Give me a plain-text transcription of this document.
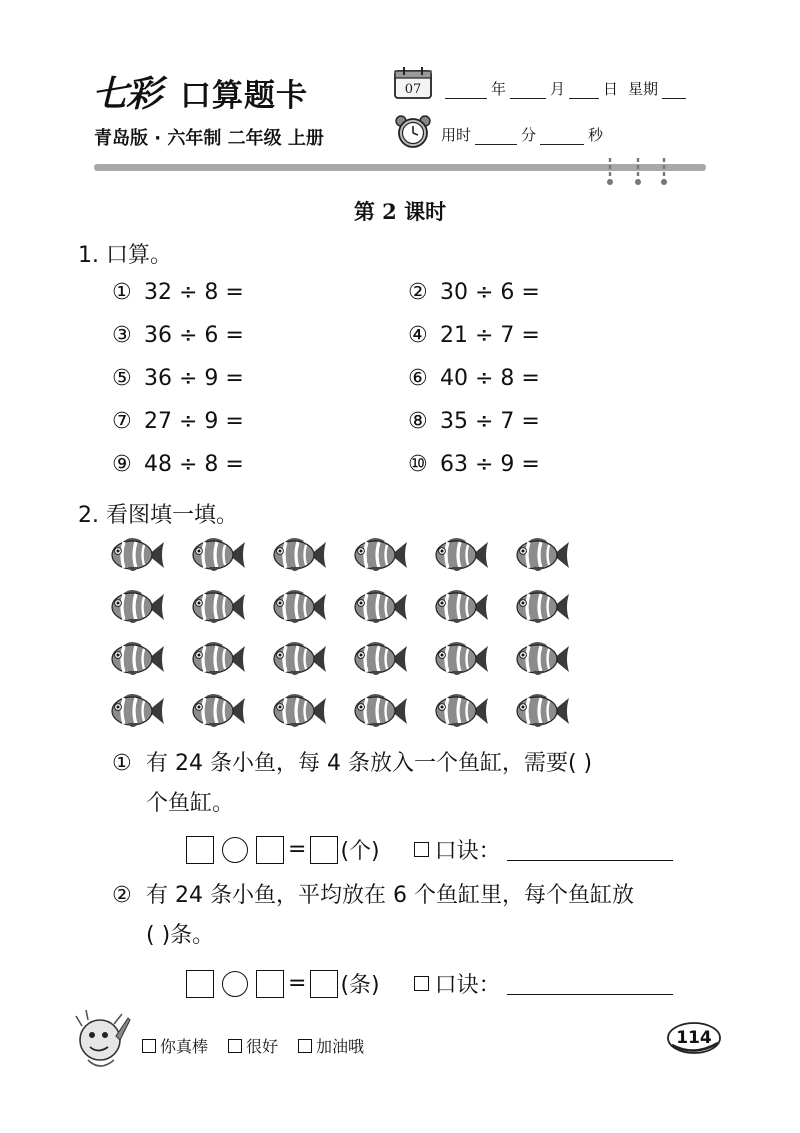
七彩 口算题卡
青岛版 · 六年制 二年级 上册
07	年	月	日 星期
用时	分	秒
第 2 课时
1. 口算。
① 32 ÷ 8 =	② 30 ÷ 6 =
③ 36 ÷ 6 =	④ 21 ÷ 7 =
⑤ 36 ÷ 9 =	⑥ 40 ÷ 8 =
⑦ 27 ÷ 9 =	⑧ 35 ÷ 7 =
⑨ 48 ÷ 8 =	⑩ 63 ÷ 9 =
2. 看图填一填。
① 有 24 条小鱼，每 4 条放入一个鱼缸，需要( )
个鱼缸。
= (个)	口诀：
② 有 24 条小鱼，平均放在 6 个鱼缸里，每个鱼缸放
( )条。
= (条)	口诀：
你真棒 很好 加油哦	114
